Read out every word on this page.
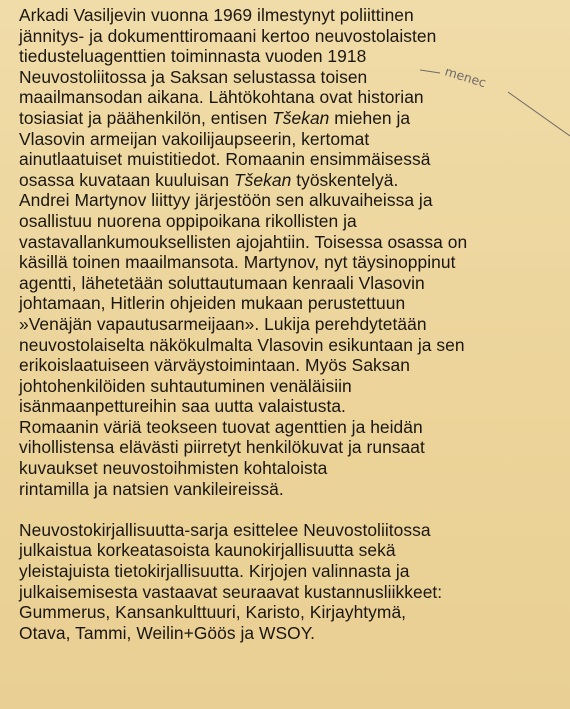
Arkadi Vasiljevin vuonna 1969 ilmestynyt poliittinen
jännitys- ja dokumenttiromaani kertoo neuvostolaisten
tiedusteluagenttien toiminnasta vuoden 1918
Neuvostoliitossa ja Saksan selustassa toisen
maailmansodan aikana. Lähtökohtana ovat historian
tosiasiat ja päähenkilön, entisen Tšekan miehen ja
Vlasovin armeijan vakoilijaupseerin, kertomat
ainutlaatuiset muistitiedot. Romaanin ensimmäisessä
osassa kuvataan kuuluisan Tšekan työskentelyä.
Andrei Martynov liittyy järjestöön sen alkuvaiheissa ja
osallistuu nuorena oppipoikana rikollisten ja
vastavallankumouksellisten ajojahtiin. Toisessa osassa on
käsillä toinen maailmansota. Martynov, nyt täysinoppinut
agentti, lähetetään soluttautumaan kenraali Vlasovin
johtamaan, Hitlerin ohjeiden mukaan perustettuun
»Venäjän vapautusarmeijaan». Lukija perehdytetään
neuvostolaiselta näkökulmalta Vlasovin esikuntaan ja sen
erikoislaatuiseen värväystoimintaan. Myös Saksan
johtohenkilöiden suhtautuminen venäläisiin
isänmaanpettureihin saa uutta valaistusta.
Romaanin väriä teokseen tuovat agenttien ja heidän
vihollistensa elävästi piirretyt henkilökuvat ja runsaat
kuvaukset neuvostoihmisten kohtaloista
rintamilla ja natsien vankileireissä.
Neuvostokirjallisuutta-sarja esittelee Neuvostoliitossa
julkaistua korkeatasoista kaunokirjallisuutta sekä
yleistajuista tietokirjallisuutta. Kirjojen valinnasta ja
julkaisemisesta vastaavat seuraavat kustannusliikkeet:
Gummerus, Kansankulttuuri, Karisto, Kirjayhtymä,
Otava, Tammi, Weilin+Göös ja WSOY.
menec
